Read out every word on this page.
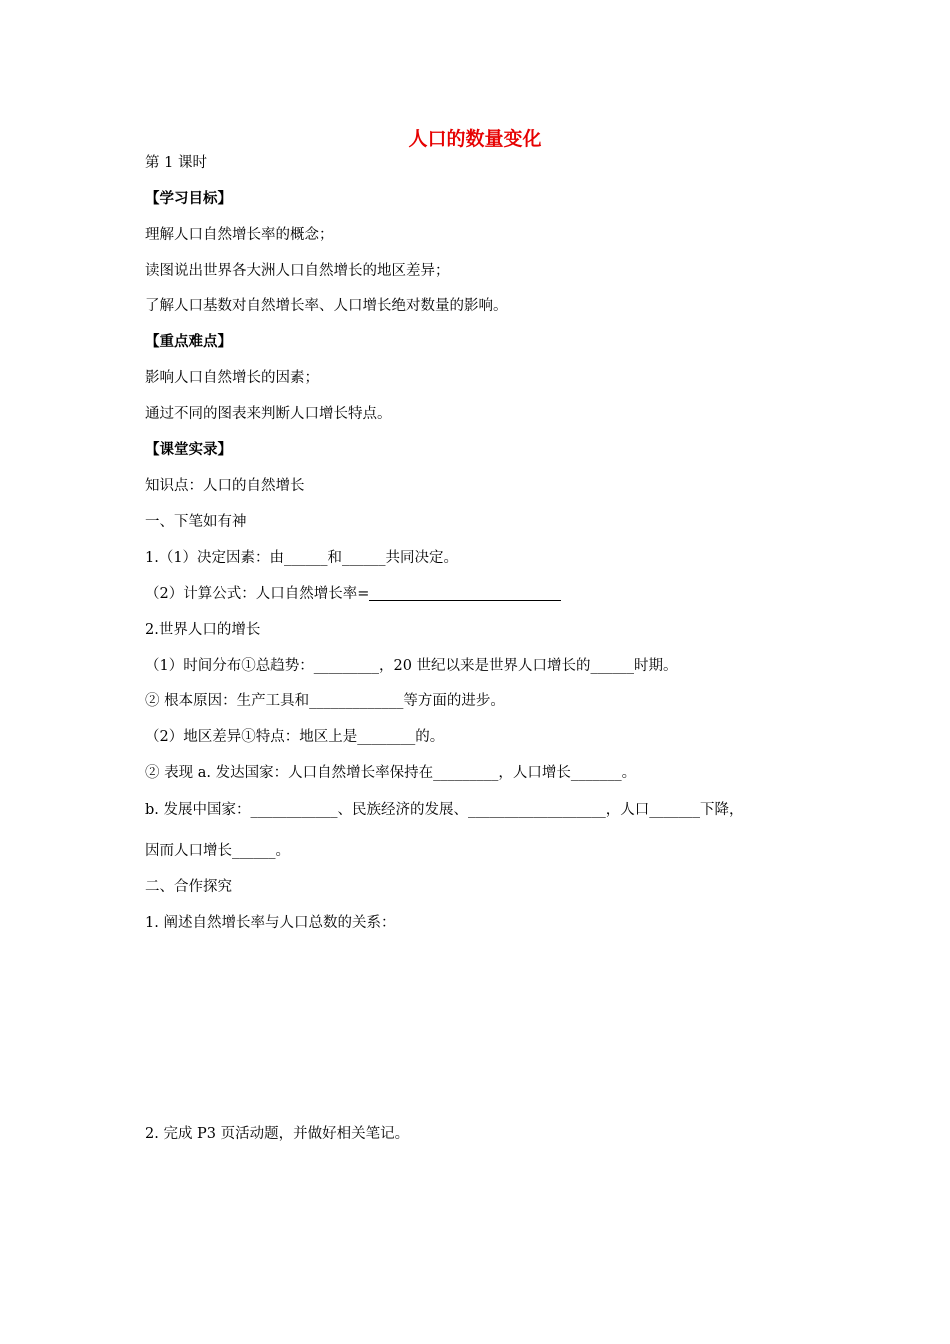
人口的数量变化
第 1 课时
【学习目标】
理解人口自然增长率的概念；
读图说出世界各大洲人口自然增长的地区差异；
了解人口基数对自然增长率、人口增长绝对数量的影响。
【重点难点】
影响人口自然增长的因素；
通过不同的图表来判断人口增长特点。
【课堂实录】
知识点：人口的自然增长
一、下笔如有神
1.（1）决定因素：由______和______共同决定。
（2）计算公式：人口自然增长率=
2.世界人口的增长
（1）时间分布①总趋势：_________，20 世纪以来是世界人口增长的______时期。
② 根本原因：生产工具和_____________等方面的进步。
（2）地区差异①特点：地区上是________的。
② 表现 a. 发达国家：人口自然增长率保持在_________，人口增长_______。
b. 发展中国家：____________、民族经济的发展、___________________，人口_______下降，
因而人口增长______。
二、合作探究
1. 阐述自然增长率与人口总数的关系：
2. 完成 P3 页活动题，并做好相关笔记。
